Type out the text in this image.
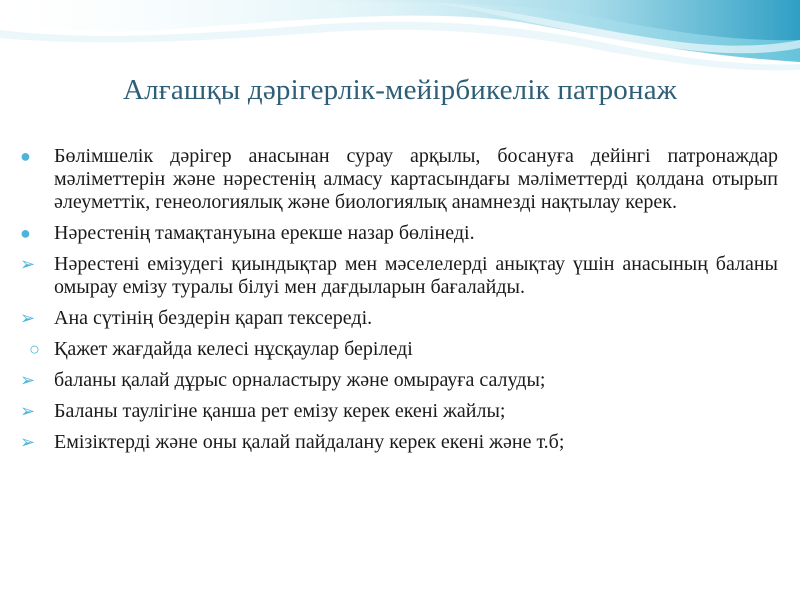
Алғашқы дәрігерлік-мейірбикелік патронаж
●	Бөлімшелік дәрігер анасынан сурау арқылы, босануға дейінгі патронаждар мәліметтерін және нәрестенің алмасу картасындағы мәліметтерді қолдана отырып әлеуметтік, генеологиялық және биологиялық анамнезді нақтылау керек.
●	Нәрестенің тамақтануына ерекше назар бөлінеді.
➢ Нәрестені емізудегі қиындықтар мен мәселелерді анықтау үшін анасының баланы омырау емізу туралы білуі мен дағдыларын бағалайды.
➢ Ана сүтінің бездерін қарап тексереді.
○ Қажет жағдайда келесі нұсқаулар беріледі
➢ баланы қалай дұрыс орналастыру және омырауға салуды;
➢ Баланы таулігіне қанша рет емізу керек екені жайлы;
➢ Емізіктерді және оны қалай пайдалану керек екені және т.б;
